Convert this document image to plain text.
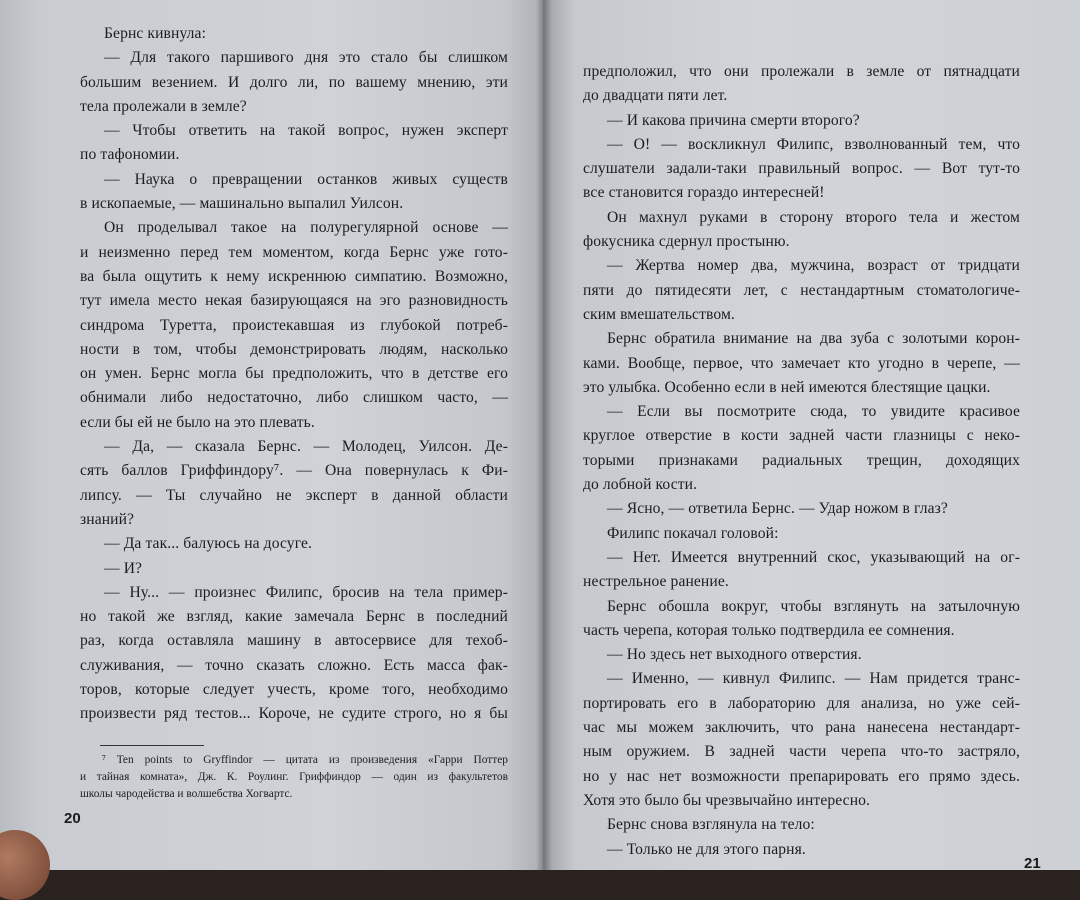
Бернс кивнула:
— Для такого паршивого дня это стало бы слишком
большим везением. И долго ли, по вашему мнению, эти
тела пролежали в земле?
— Чтобы ответить на такой вопрос, нужен эксперт
по тафономии.
— Наука о превращении останков живых существ
в ископаемые, — машинально выпалил Уилсон.
Он проделывал такое на полурегулярной основе —
и неизменно перед тем моментом, когда Бернс уже гото-
ва была ощутить к нему искреннюю симпатию. Возможно,
тут имела место некая базирующаяся на эго разновидность
синдрома Туретта, проистекавшая из глубокой потреб-
ности в том, чтобы демонстрировать людям, насколько
он умен. Бернс могла бы предположить, что в детстве его
обнимали либо недостаточно, либо слишком часто, —
если бы ей не было на это плевать.
— Да, — сказала Бернс. — Молодец, Уилсон. Де-
сять баллов Гриффиндору⁷. — Она повернулась к Фи-
липсу. — Ты случайно не эксперт в данной области
знаний?
— Да так... балуюсь на досуге.
— И?
— Ну... — произнес Филипс, бросив на тела пример-
но такой же взгляд, какие замечала Бернс в последний
раз, когда оставляла машину в автосервисе для техоб-
служивания, — точно сказать сложно. Есть масса фак-
торов, которые следует учесть, кроме того, необходимо
произвести ряд тестов... Короче, не судите строго, но я бы
⁷ Ten points to Gryffindor — цитата из произведения «Гарри Поттер
и тайная комната», Дж. К. Роулинг. Гриффиндор — один из факультетов
школы чародейства и волшебства Хогвартс.
предположил, что они пролежали в земле от пятнадцати
до двадцати пяти лет.
— И какова причина смерти второго?
— О! — воскликнул Филипс, взволнованный тем, что
слушатели задали-таки правильный вопрос. — Вот тут-то
все становится гораздо интересней!
Он махнул руками в сторону второго тела и жестом
фокусника сдернул простыню.
— Жертва номер два, мужчина, возраст от тридцати
пяти до пятидесяти лет, с нестандартным стоматологиче-
ским вмешательством.
Бернс обратила внимание на два зуба с золотыми корон-
ками. Вообще, первое, что замечает кто угодно в черепе, —
это улыбка. Особенно если в ней имеются блестящие цацки.
— Если вы посмотрите сюда, то увидите красивое
круглое отверстие в кости задней части глазницы с неко-
торыми признаками радиальных трещин, доходящих
до лобной кости.
— Ясно, — ответила Бернс. — Удар ножом в глаз?
Филипс покачал головой:
— Нет. Имеется внутренний скос, указывающий на ог-
нестрельное ранение.
Бернс обошла вокруг, чтобы взглянуть на затылочную
часть черепа, которая только подтвердила ее сомнения.
— Но здесь нет выходного отверстия.
— Именно, — кивнул Филипс. — Нам придется транс-
портировать его в лабораторию для анализа, но уже сей-
час мы можем заключить, что рана нанесена нестандарт-
ным оружием. В задней части черепа что-то застряло,
но у нас нет возможности препарировать его прямо здесь.
Хотя это было бы чрезвычайно интересно.
Бернс снова взглянула на тело:
— Только не для этого парня.
20
21
